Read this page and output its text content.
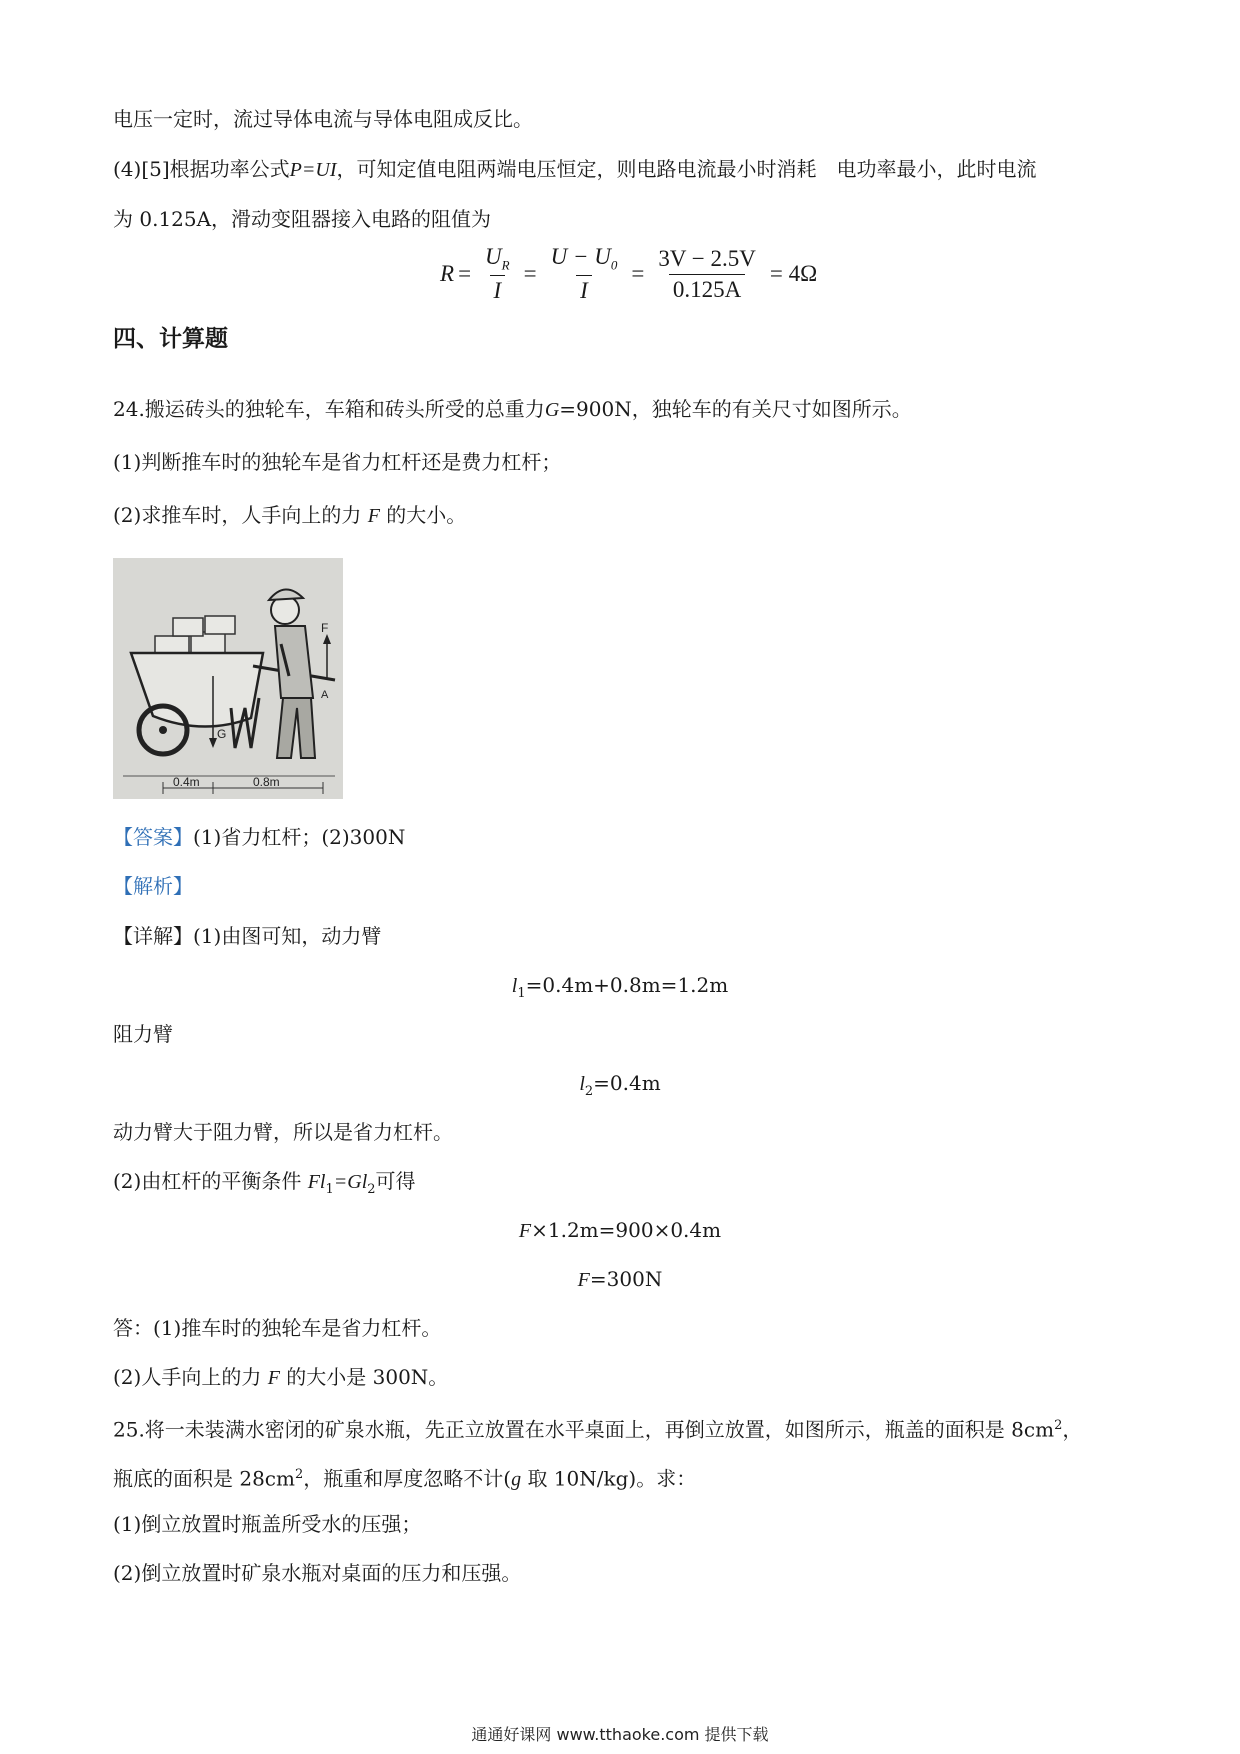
电压一定时，流过导体电流与导体电阻成反比。
(4)[5]根据功率公式P=UI，可知定值电阻两端电压恒定，则电路电流最小时消耗　电功率最小，此时电流
为 0.125A，滑动变阻器接入电路的阻值为
$R = \frac{U_R}{I} = \frac{U - U_0}{I} = \frac{3V - 2.5V}{0.125A} = 4\Omega$
四、计算题
24.搬运砖头的独轮车，车箱和砖头所受的总重力G=900N，独轮车的有关尺寸如图所示。
(1)判断推车时的独轮车是省力杠杆还是费力杠杆；
(2)求推车时，人手向上的力 F 的大小。
F
G
A
0.4m	0.8m
【答案】(1)省力杠杆；(2)300N
【解析】
【详解】(1)由图可知，动力臂
$l_1=0.4m+0.8m=1.2m$
阻力臂
$l_2=0.4m$
动力臂大于阻力臂，所以是省力杠杆。
(2)由杠杆的平衡条件 $Fl_1=Gl_2$可得
F×1.2m=900×0.4m
F=300N
答：(1)推车时的独轮车是省力杠杆。
(2)人手向上的力 F 的大小是 300N。
25.将一未装满水密闭的矿泉水瓶，先正立放置在水平桌面上，再倒立放置，如图所示，瓶盖的面积是 $8cm^2$，
瓶底的面积是 $28cm^2$，瓶重和厚度忽略不计(g 取 10N/kg)。求：
(1)倒立放置时瓶盖所受水的压强；
(2)倒立放置时矿泉水瓶对桌面的压力和压强。
通通好课网 www.tthaoke.com 提供下载
